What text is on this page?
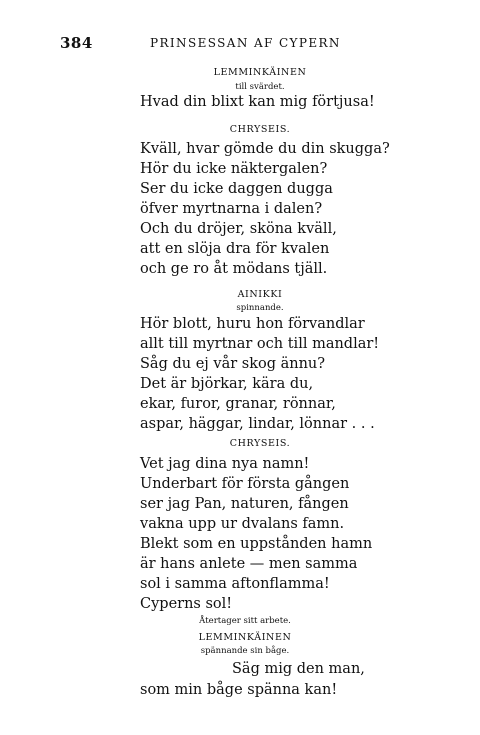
384	PRINSESSAN AF CYPERN
LEMMINKÄINEN
till svärdet.
Hvad din blixt kan mig förtjusa!
CHRYSEIS.
Kväll, hvar gömde du din skugga?
Hör du icke näktergalen?
Ser du icke daggen dugga
öfver myrtnarna i dalen?
Och du dröjer, sköna kväll,
att en slöja dra för kvalen
och ge ro åt mödans tjäll.
AINIKKI
spinnande.
Hör blott, huru hon förvandlar
allt till myrtnar och till mandlar!
Såg du ej vår skog ännu?
Det är björkar, kära du,
ekar, furor, granar, rönnar,
aspar, häggar, lindar, lönnar . . .
CHRYSEIS.
Vet jag dina nya namn!
Underbart för första gången
ser jag Pan, naturen, fången
vakna upp ur dvalans famn.
Blekt som en uppstånden hamn
är hans anlete — men samma
sol i samma aftonflamma!
Cyperns sol!
Återtager sitt arbete.
LEMMINKÄINEN
spännande sin båge.
Säg mig den man,
som min båge spänna kan!
